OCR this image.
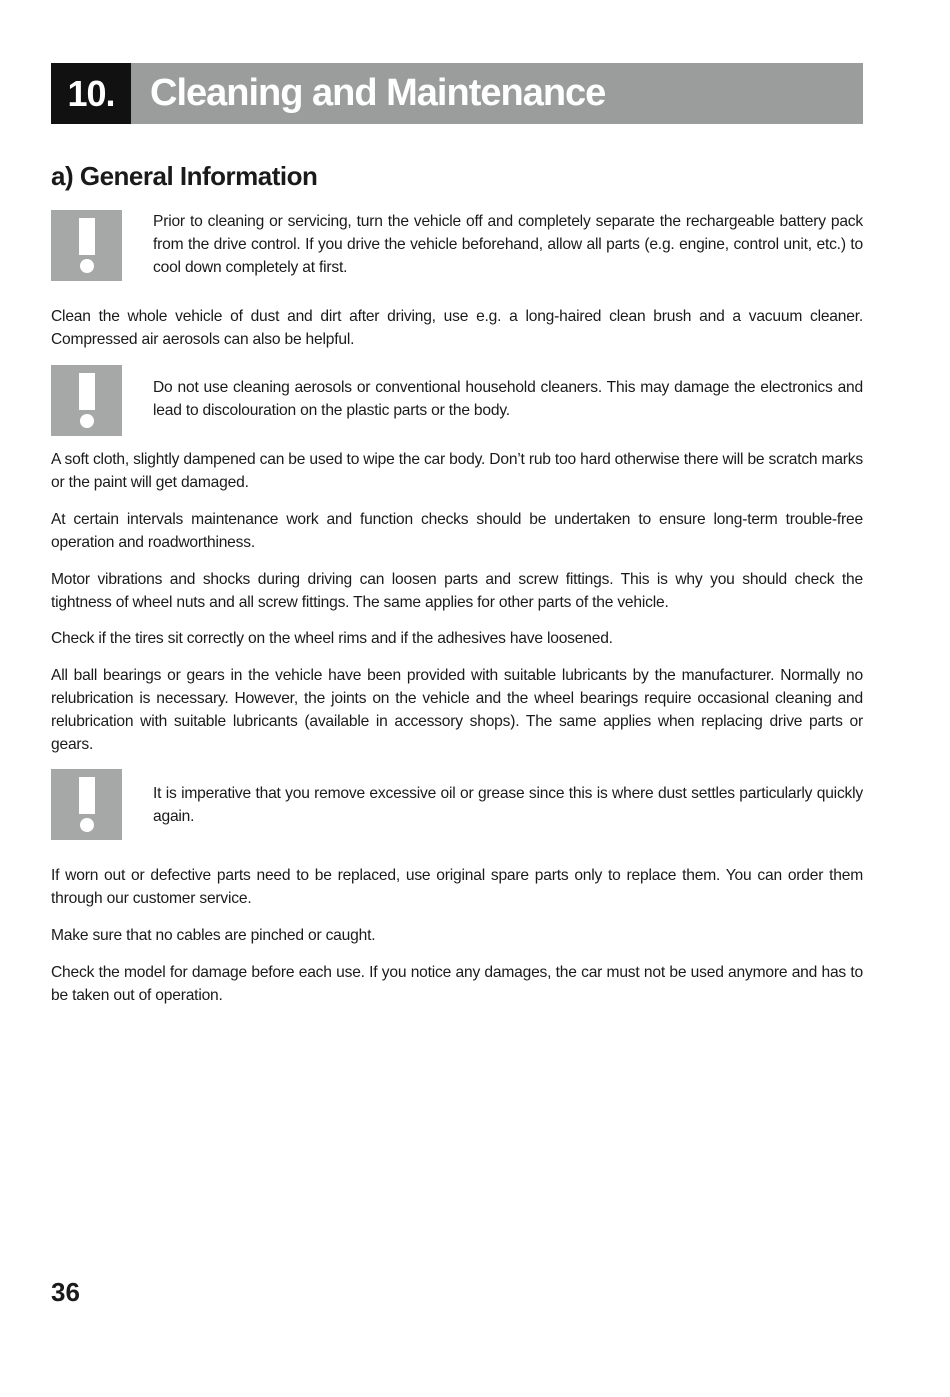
10. Cleaning and Maintenance
a) General Information

Prior to cleaning or servicing, turn the vehicle off and completely separate the rechargeable battery pack from the drive control. If you drive the vehicle beforehand, allow all parts (e.g. engine, control unit, etc.) to cool down completely at first.

Clean the whole vehicle of dust and dirt after driving, use e.g. a long-haired clean brush and a vacuum cleaner. Compressed air aerosols can also be helpful.

Do not use cleaning aerosols or conventional household cleaners. This may damage the electronics and lead to discolouration on the plastic parts or the body.

A soft cloth, slightly dampened can be used to wipe the car body. Don’t rub too hard otherwise there will be scratch marks or the paint will get damaged.

At certain intervals maintenance work and function checks should be undertaken to ensure long-term trouble-free operation and roadworthiness.

Motor vibrations and shocks during driving can loosen parts and screw fittings. This is why you should check the tightness of wheel nuts and all screw fittings. The same applies for other parts of the vehicle.

Check if the tires sit correctly on the wheel rims and if the adhesives have loosened.

All ball bearings or gears in the vehicle have been provided with suitable lubricants by the manufacturer. Normally no relubrication is necessary. However, the joints on the vehicle and the wheel bearings require occasional cleaning and relubrication with suitable lubricants (available in accessory shops). The same applies when replacing drive parts or gears.

It is imperative that you remove excessive oil or grease since this is where dust settles particularly quickly again.

If worn out or defective parts need to be replaced, use original spare parts only to replace them. You can order them through our customer service.

Make sure that no cables are pinched or caught.

Check the model for damage before each use. If you notice any damages, the car must not be used anymore and has to be taken out of operation.

36
